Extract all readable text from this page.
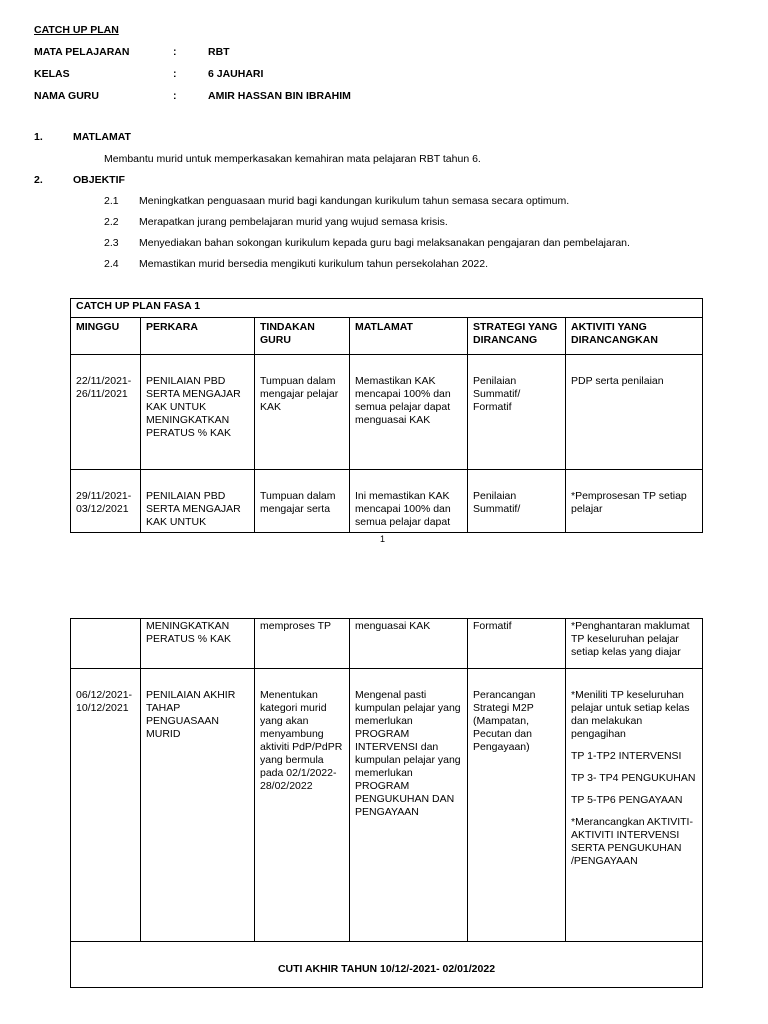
CATCH UP PLAN
MATA PELAJARAN	:	RBT
KELAS	:	6 JAUHARI
NAMA GURU	:	AMIR HASSAN BIN IBRAHIM
1.	MATLAMAT
Membantu murid untuk memperkasakan kemahiran mata pelajaran RBT tahun 6.
2.	OBJEKTIF
2.1 Meningkatkan penguasaan murid bagi kandungan kurikulum tahun semasa secara optimum.
2.2 Merapatkan jurang pembelajaran murid yang wujud semasa krisis.
2.3 Menyediakan bahan sokongan kurikulum kepada guru bagi melaksanakan pengajaran dan pembelajaran.
2.4 Memastikan murid bersedia mengikuti kurikulum tahun persekolahan 2022.
CATCH UP PLAN FASA 1					
MINGGU	PERKARA	TINDAKAN GURU	MATLAMAT	STRATEGI YANG DIRANCANG	AKTIVITI YANG DIRANCANGKAN
22/11/2021-26/11/2021	PENILAIAN PBD SERTA MENGAJAR KAK UNTUK MENINGKATKAN PERATUS % KAK	Tumpuan dalam mengajar pelajar KAK	Memastikan KAK mencapai 100% dan semua pelajar dapat menguasai KAK	Penilaian Summatif/ Formatif	PDP serta penilaian
29/11/2021-03/12/2021	PENILAIAN PBD SERTA MENGAJAR KAK UNTUK	Tumpuan dalam mengajar serta	Ini memastikan KAK mencapai 100% dan semua pelajar dapat	Penilaian Summatif/	*Pemprosesan TP setiap pelajar
1
	MENINGKATKAN PERATUS % KAK	memproses TP	menguasai KAK	Formatif	*Penghantaran maklumat TP keseluruhan pelajar setiap kelas yang diajar
06/12/2021-10/12/2021	PENILAIAN AKHIR TAHAP PENGUASAAN MURID	Menentukan kategori murid yang akan menyambung aktiviti PdP/PdPR yang bermula pada 02/1/2022-28/02/2022	Mengenal pasti kumpulan pelajar yang memerlukan PROGRAM INTERVENSI dan kumpulan pelajar yang memerlukan PROGRAM PENGUKUHAN DAN PENGAYAAN	Perancangan Strategi M2P (Mampatan, Pecutan dan Pengayaan)	*Meniliti TP keseluruhan pelajar untuk setiap kelas dan melakukan pengagihan

TP 1-TP2 INTERVENSI

TP 3- TP4 PENGUKUHAN

TP 5-TP6 PENGAYAAN

*Merancangkan AKTIVITI-AKTIVITI INTERVENSI SERTA PENGUKUHAN /PENGAYAAN

CUTI AKHIR TAHUN 10/12/-2021- 02/01/2022					
